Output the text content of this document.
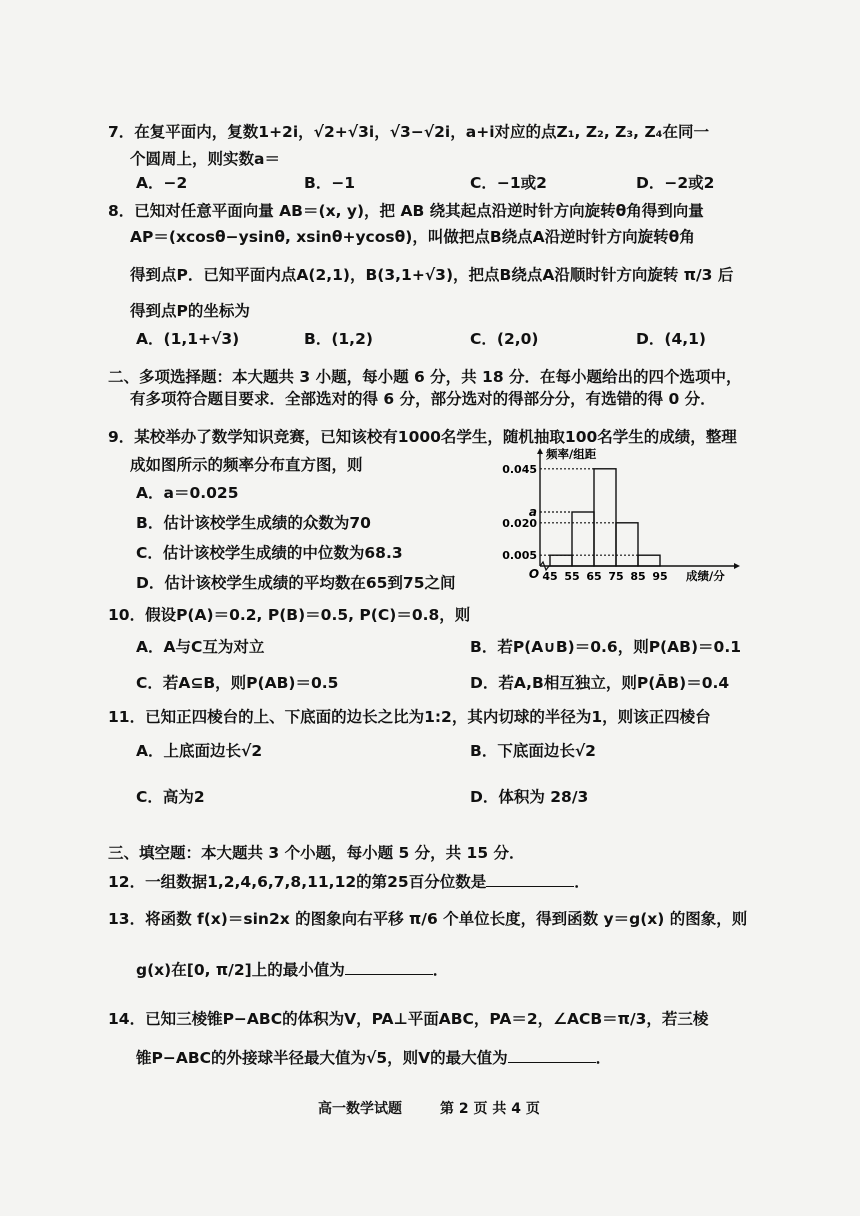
7．在复平面内，复数1+2i，√2+√3i，√3−√2i，a+i对应的点Z₁, Z₂, Z₃, Z₄在同一
个圆周上，则实数a＝
A．−2	B．−1	C．−1或2	D．−2或2
8．已知对任意平面向量 AB＝(x, y)，把 AB 绕其起点沿逆时针方向旋转θ角得到向量
AP＝(xcosθ−ysinθ, xsinθ+ycosθ)，叫做把点B绕点A沿逆时针方向旋转θ角
得到点P．已知平面内点A(2,1)，B(3,1+√3)，把点B绕点A沿顺时针方向旋转 π/3 后
得到点P的坐标为
A．(1,1+√3)	B．(1,2)	C．(2,0)	D．(4,1)
二、多项选择题：本大题共 3 小题，每小题 6 分，共 18 分．在每小题给出的四个选项中，
有多项符合题目要求．全部选对的得 6 分，部分选对的得部分分，有选错的得 0 分．
9．某校举办了数学知识竞赛，已知该校有1000名学生，随机抽取100名学生的成绩，整理
成如图所示的频率分布直方图，则
A．a＝0.025
B．估计该校学生成绩的众数为70
C．估计该校学生成绩的中位数为68.3
D．估计该校学生成绩的平均数在65到75之间
0.005
0.020
a
0.045
45 55 65 75 85 95
O
频率/组距
成绩/分
10．假设P(A)＝0.2, P(B)＝0.5, P(C)＝0.8，则
A．A与C互为对立	B．若P(A∪B)＝0.6，则P(AB)＝0.1
C．若A⊆B，则P(AB)＝0.5	D．若A,B相互独立，则P(ĀB)＝0.4
11．已知正四棱台的上、下底面的边长之比为1:2，其内切球的半径为1，则该正四棱台
A．上底面边长√2	B．下底面边长√2
C．高为2	D．体积为 28/3
三、填空题：本大题共 3 个小题，每小题 5 分，共 15 分．
12．一组数据1,2,4,6,7,8,11,12的第25百分位数是	．
13．将函数 f(x)＝sin2x 的图象向右平移 π/6 个单位长度，得到函数 y＝g(x) 的图象，则
g(x)在[0, π/2]上的最小值为	．
14．已知三棱锥P−ABC的体积为V，PA⊥平面ABC，PA＝2，∠ACB＝π/3，若三棱
锥P−ABC的外接球半径最大值为√5，则V的最大值为	．
高一数学试题	第 2 页 共 4 页
